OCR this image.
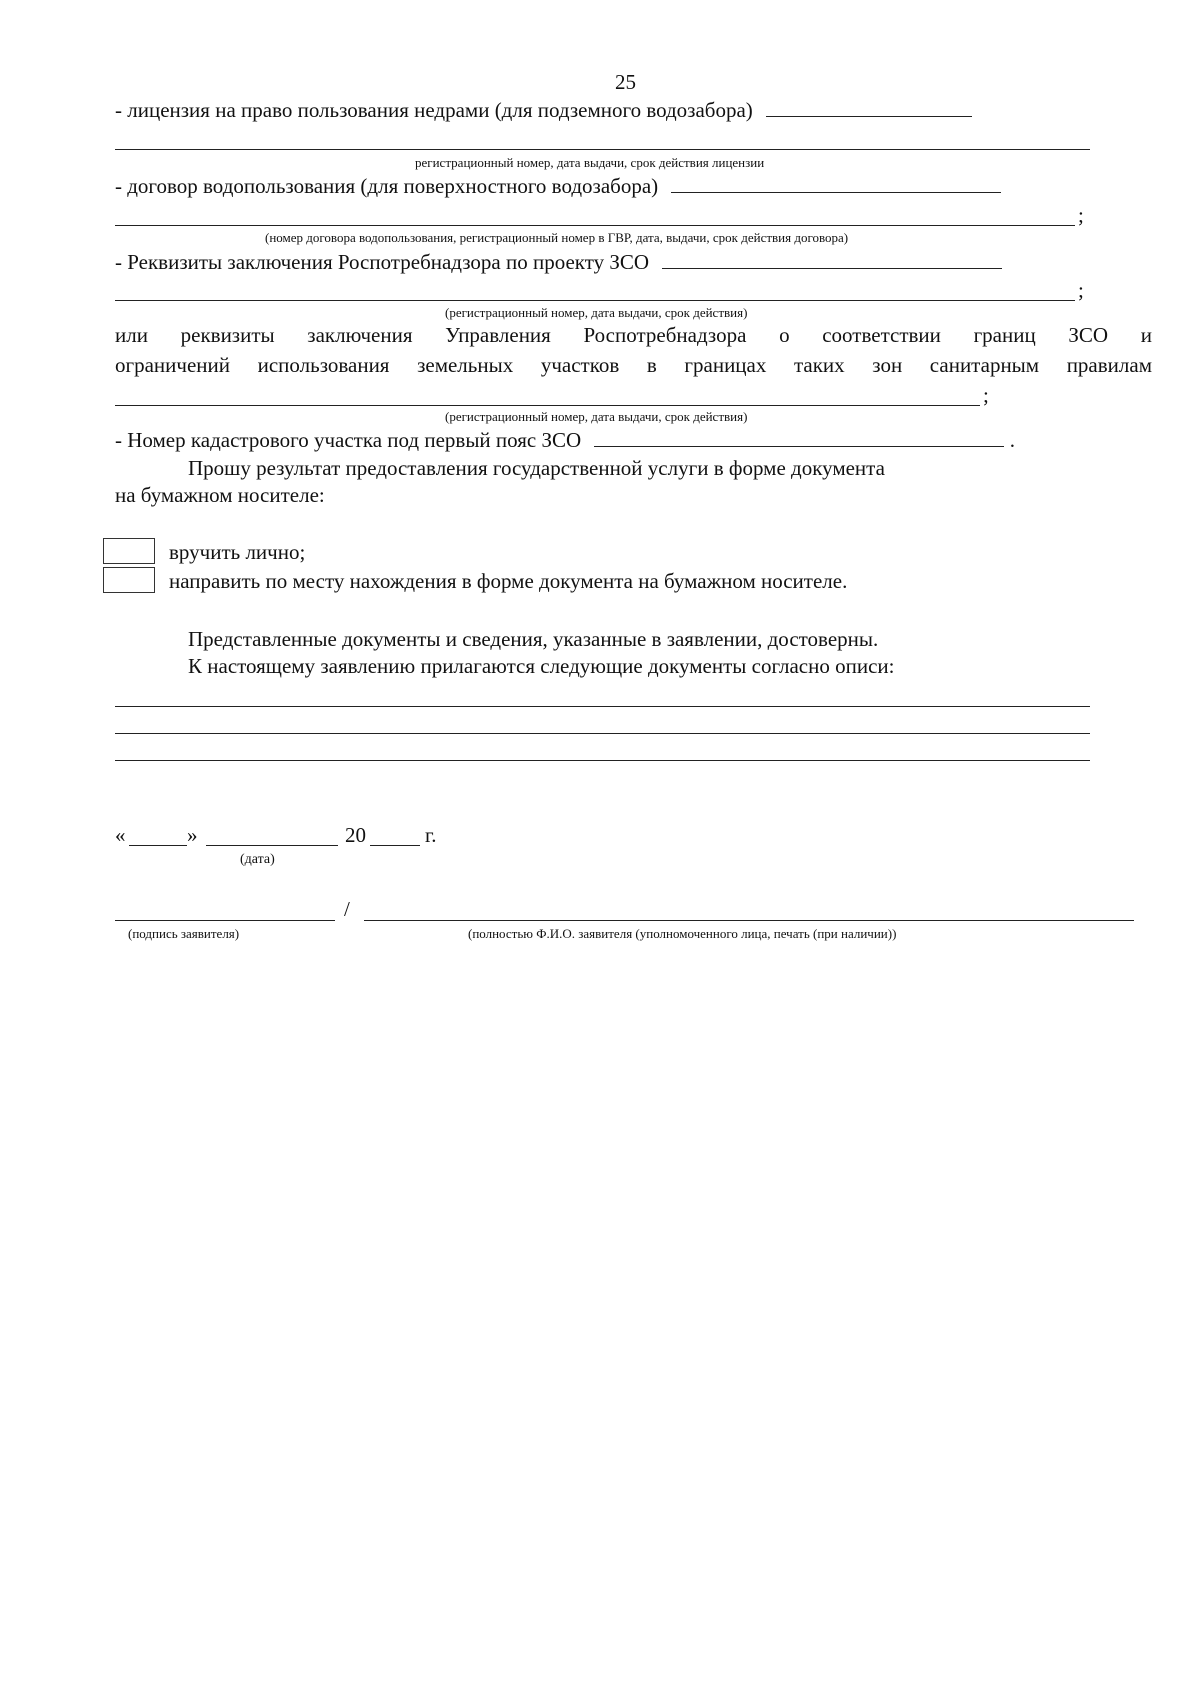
25
- лицензия на право пользования недрами (для подземного водозабора)
регистрационный номер, дата выдачи, срок действия лицензии
- договор водопользования (для поверхностного водозабора)
;
(номер договора водопользования, регистрационный номер в ГВР, дата, выдачи, срок действия договора)
- Реквизиты заключения Роспотребнадзора по проекту ЗСО
;
(регистрационный номер, дата выдачи, срок действия)
или реквизиты заключения Управления Роспотребнадзора о соответствии границ ЗСО и
ограничений использования земельных участков в границах таких зон санитарным правилам
;
(регистрационный номер, дата выдачи, срок действия)
- Номер кадастрового участка под первый пояс ЗСО	.
Прошу результат предоставления государственной услуги в форме документа
на бумажном носителе:
вручить лично;
направить по месту нахождения в форме документа на бумажном носителе.
Представленные документы и сведения, указанные в заявлении, достоверны.
К настоящему заявлению прилагаются следующие документы согласно описи:
«	»	20	г.
(дата)
/
(подпись заявителя)	(полностью Ф.И.О. заявителя (уполномоченного лица, печать (при наличии))
